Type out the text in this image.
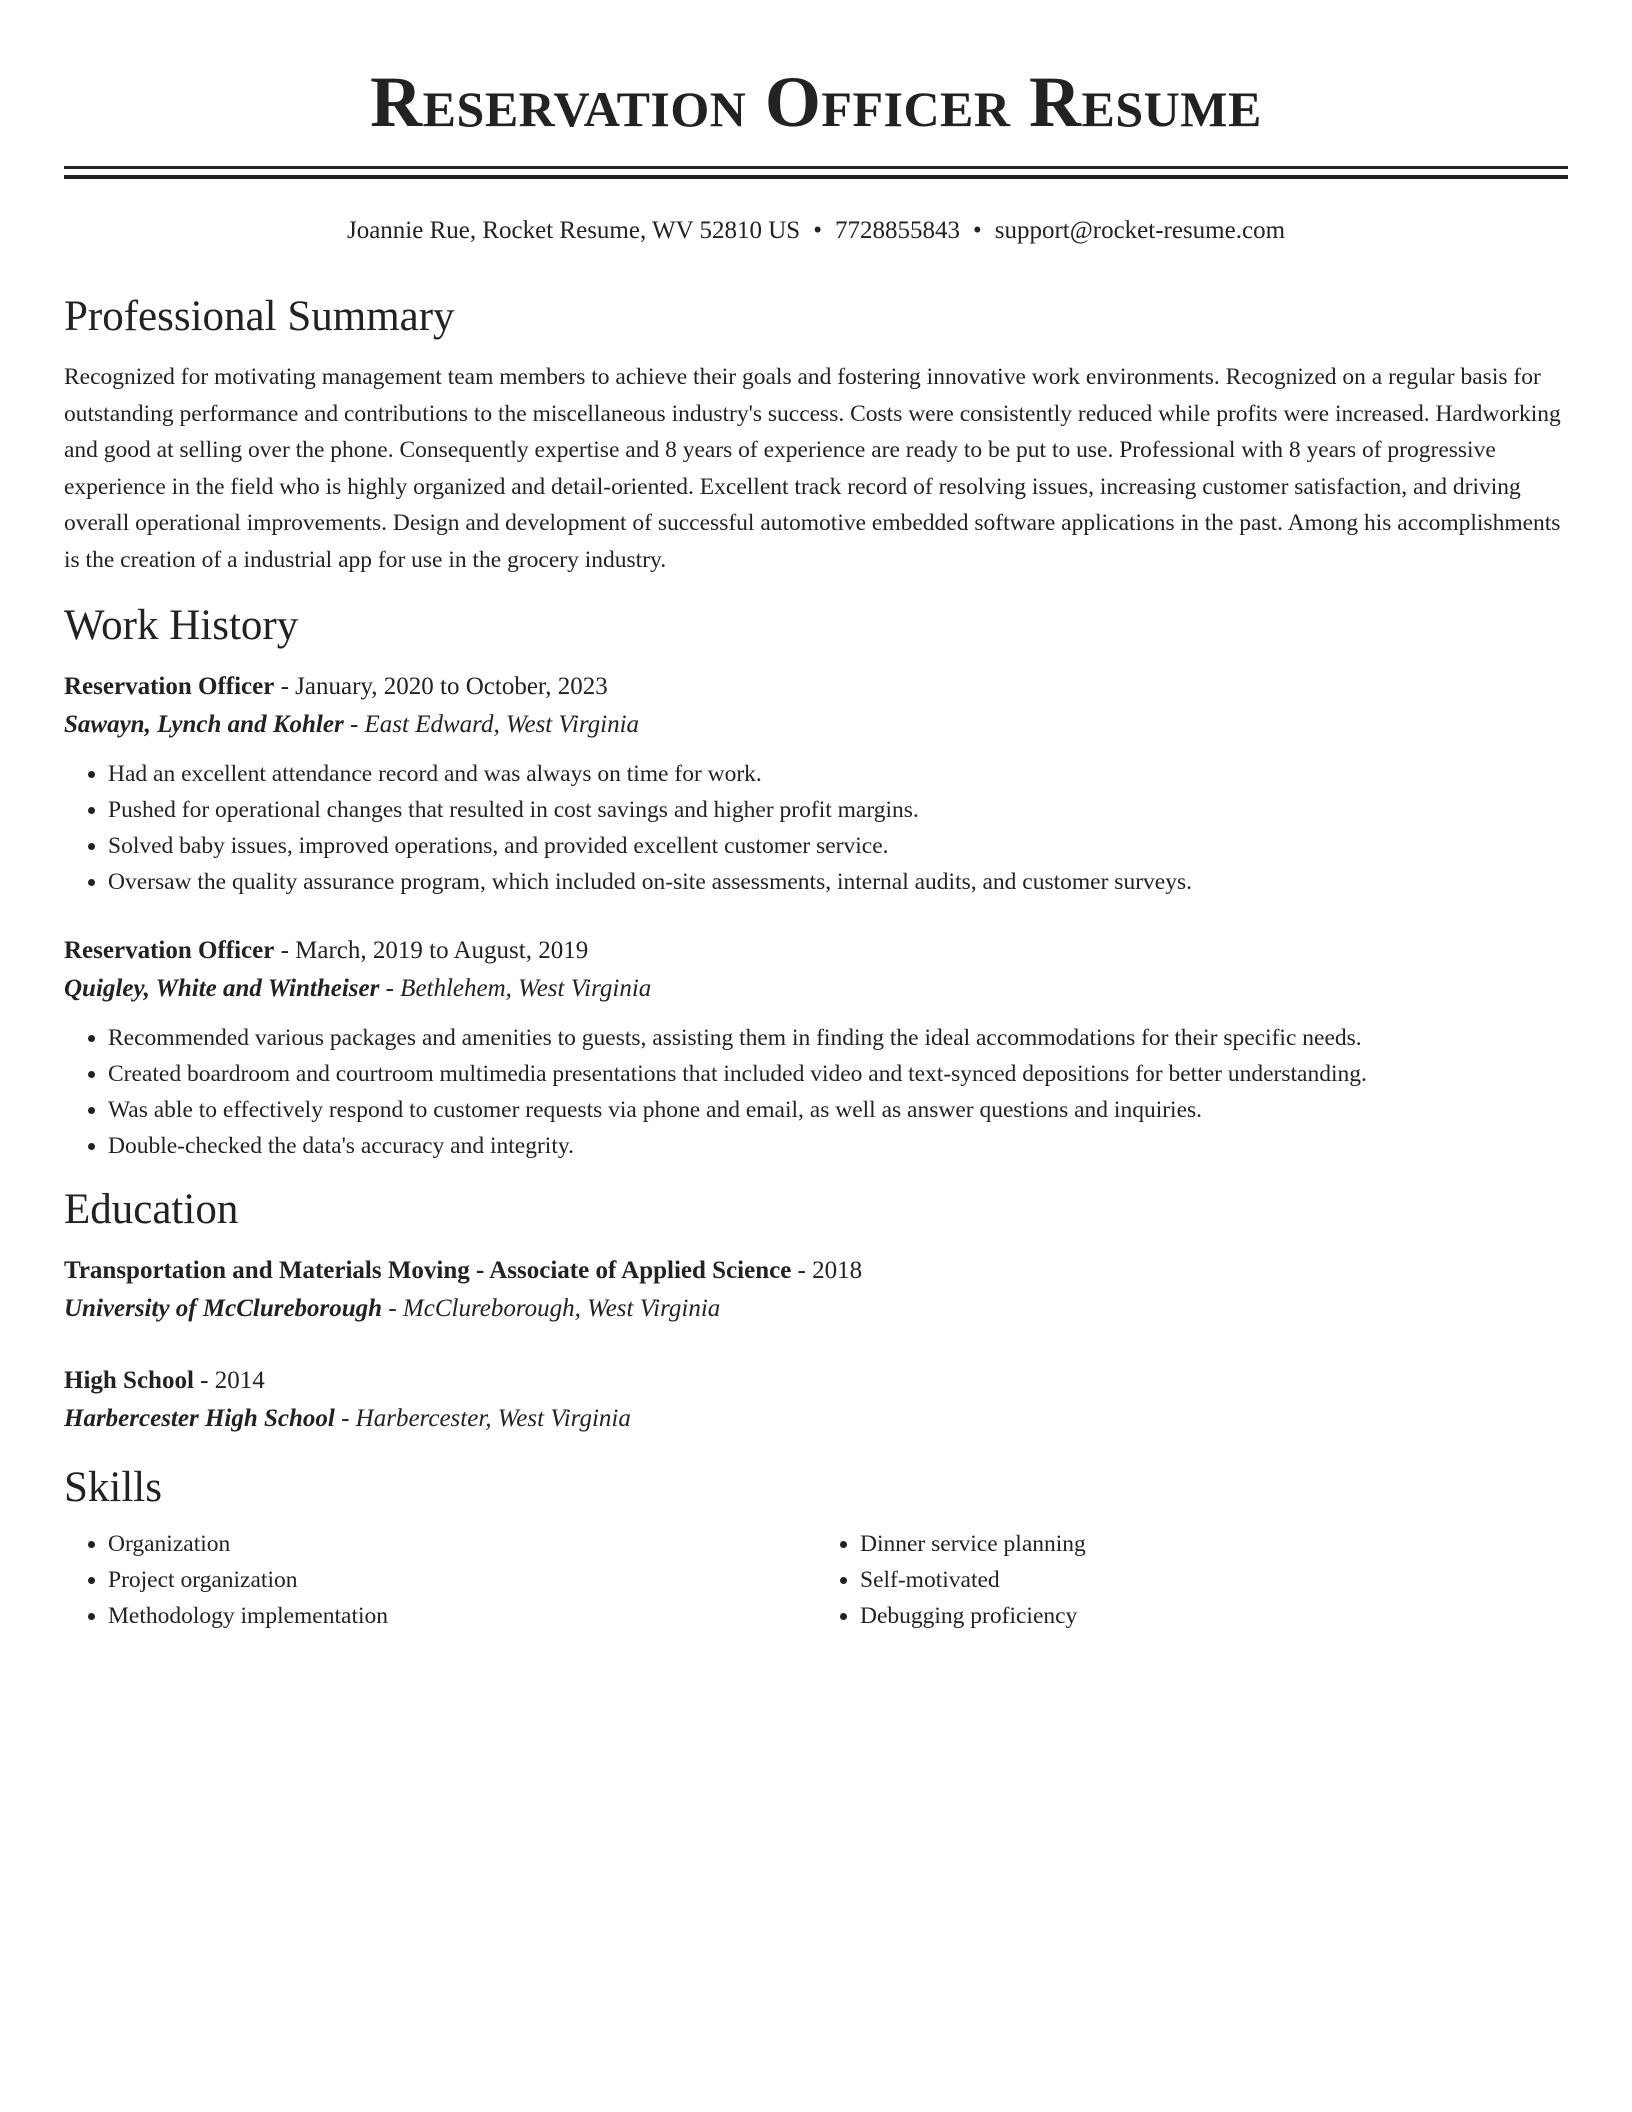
Reservation Officer Resume
Joannie Rue, Rocket Resume, WV 52810 US • 7728855843 • support@rocket-resume.com
Professional Summary
Recognized for motivating management team members to achieve their goals and fostering innovative work environments. Recognized on a regular basis for outstanding performance and contributions to the miscellaneous industry's success. Costs were consistently reduced while profits were increased. Hardworking and good at selling over the phone. Consequently expertise and 8 years of experience are ready to be put to use. Professional with 8 years of progressive experience in the field who is highly organized and detail-oriented. Excellent track record of resolving issues, increasing customer satisfaction, and driving overall operational improvements. Design and development of successful automotive embedded software applications in the past. Among his accomplishments is the creation of a industrial app for use in the grocery industry.
Work History
Reservation Officer - January, 2020 to October, 2023
Sawayn, Lynch and Kohler - East Edward, West Virginia
• Had an excellent attendance record and was always on time for work.
• Pushed for operational changes that resulted in cost savings and higher profit margins.
• Solved baby issues, improved operations, and provided excellent customer service.
• Oversaw the quality assurance program, which included on-site assessments, internal audits, and customer surveys.
Reservation Officer - March, 2019 to August, 2019
Quigley, White and Wintheiser - Bethlehem, West Virginia
• Recommended various packages and amenities to guests, assisting them in finding the ideal accommodations for their specific needs.
• Created boardroom and courtroom multimedia presentations that included video and text-synced depositions for better understanding.
• Was able to effectively respond to customer requests via phone and email, as well as answer questions and inquiries.
• Double-checked the data's accuracy and integrity.
Education
Transportation and Materials Moving - Associate of Applied Science - 2018
University of McClureborough - McClureborough, West Virginia
High School - 2014
Harbercester High School - Harbercester, West Virginia
Skills
• Organization
• Project organization
• Methodology implementation
• Dinner service planning
• Self-motivated
• Debugging proficiency
